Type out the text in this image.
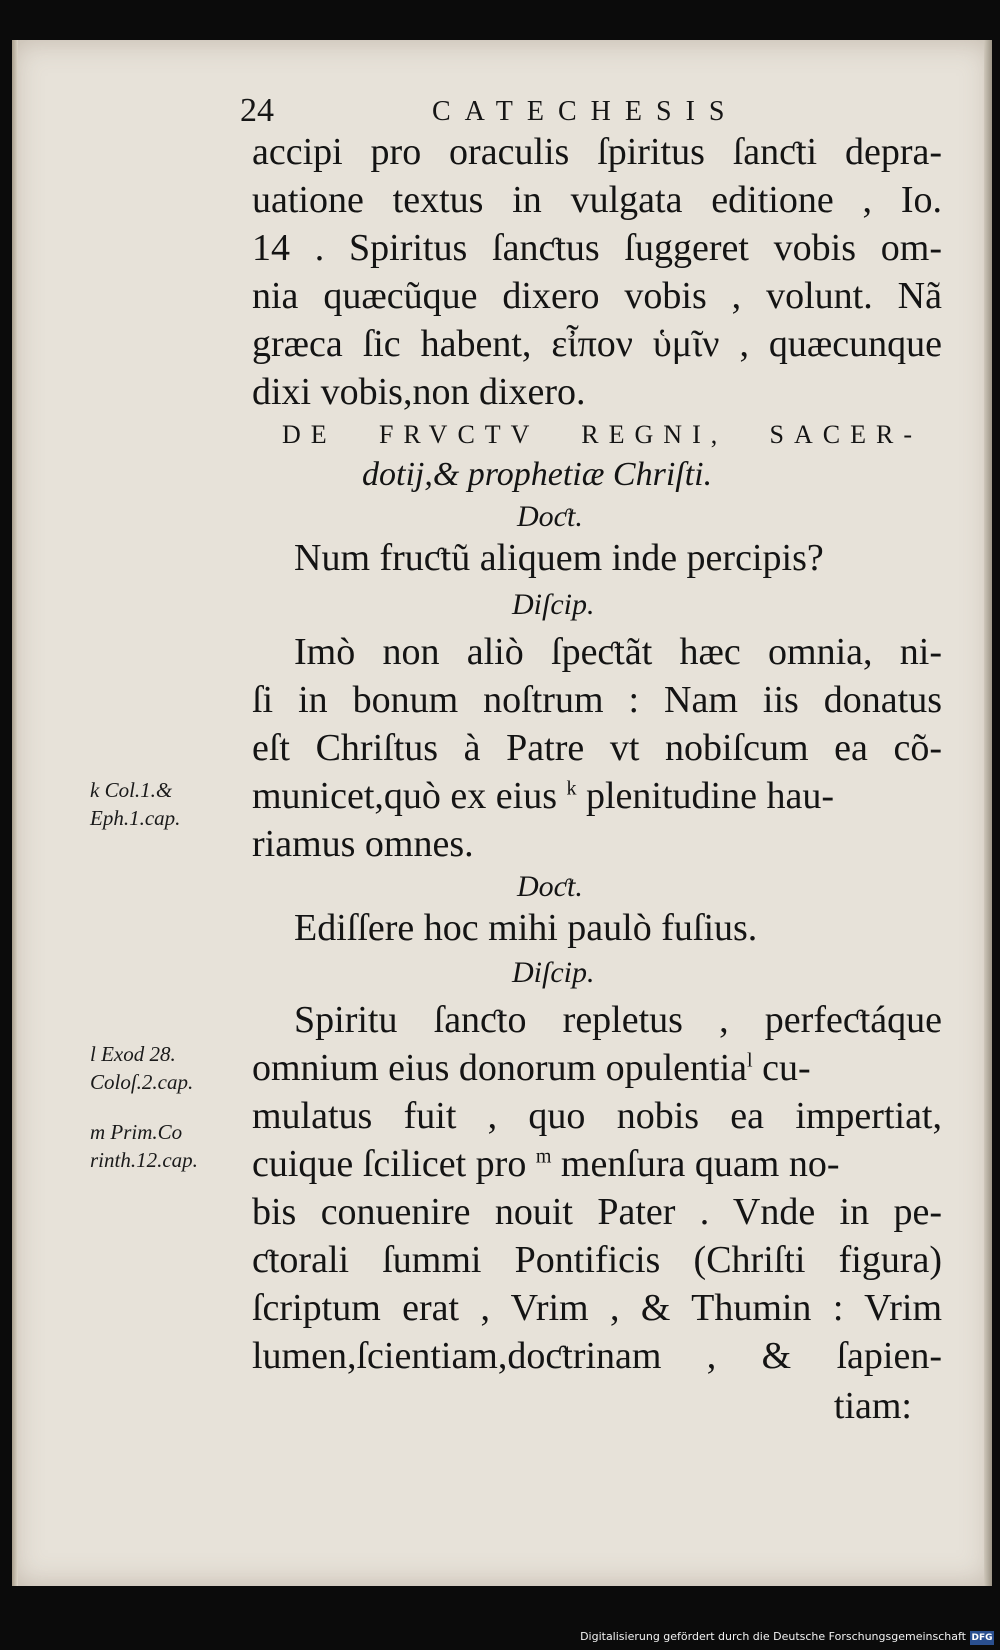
24	CATECHESIS
accipi pro oraculis ſpiritus ſanƈti depra-
uatione textus in vulgata editione , Io.
14 . Spiritus ſanƈtus ſuggeret vobis om-
nia quæcũque dixero vobis , volunt. Nã
græca ſic habent, εἶπον ὑμῖν , quæcunque
dixi vobis,non dixero.
DE FRVCTV REGNI, SACER-
dotij,& prophetiæ Chriſti.
Doƈt.
Num fruƈtũ aliquem inde percipis?
Diſcip.
Imò non aliò ſpeƈtãt hæc omnia, ni-
ſi in bonum noſtrum : Nam iis donatus
eſt Chriſtus à Patre vt nobiſcum ea cõ-
municet,quò ex eius $^k$ plenitudine hau-
riamus omnes.
k Col.1.&
Eph.1.cap.
Doƈt.
Ediſſere hoc mihi paulò fuſius.
Diſcip.
Spiritu ſanƈto repletus , perfeƈtáque
omnium eius donorum opulentia$^l$ cu-
mulatus fuit , quo nobis ea impertiat,
cuique ſcilicet pro $^m$ menſura quam no-
bis conuenire nouit Pater . Vnde in pe-
ƈtorali ſummi Pontificis (Chriſti figura)
ſcriptum erat , Vrim , & Thumin : Vrim
lumen,ſcientiam,doƈtrinam , & ſapien-
l Exod 28.
Coloſ.2.cap.
m Prim.Co
rinth.12.cap.
tiam:
Digitalisierung gefördert durch die Deutsche Forschungsgemeinschaft DFG
